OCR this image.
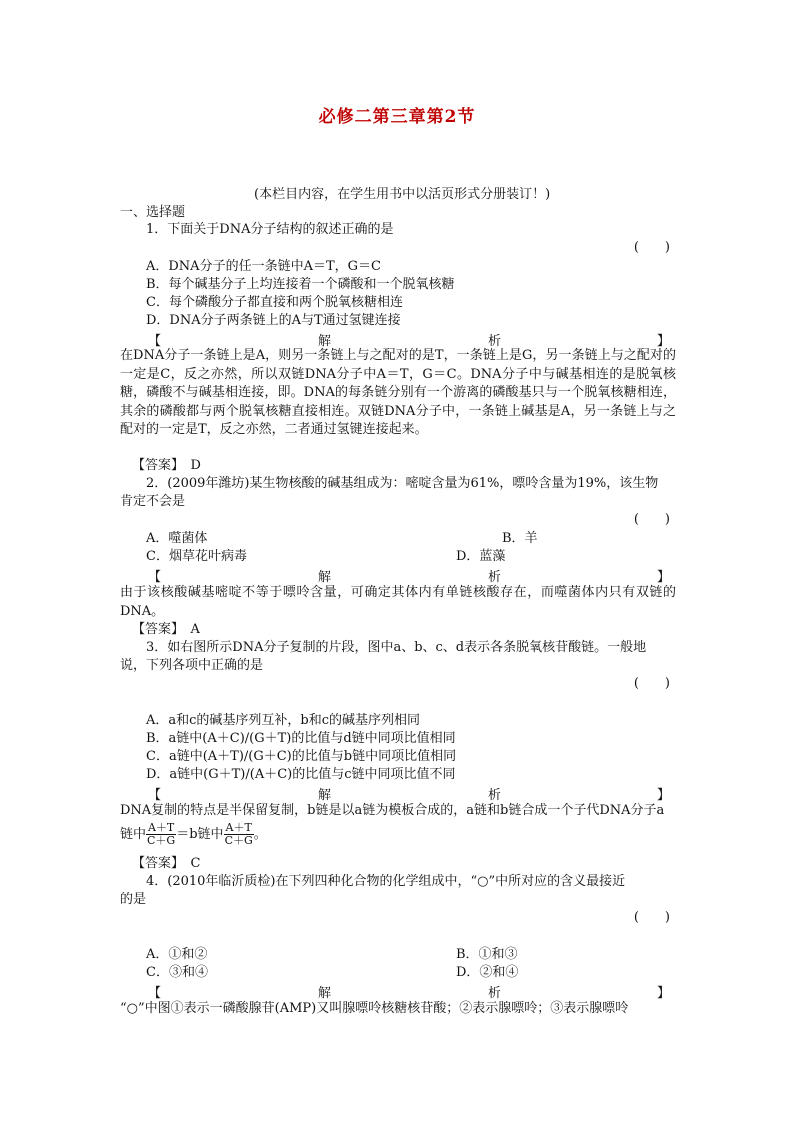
必修二第三章第2节
(本栏目内容，在学生用书中以活页形式分册装订！)
一、选择题
1．下面关于DNA分子结构的叙述正确的是
(　　)
A．DNA分子的任一条链中A＝T，G＝C
B．每个碱基分子上均连接着一个磷酸和一个脱氧核糖
C．每个磷酸分子都直接和两个脱氧核糖相连
D．DNA分子两条链上的A与T通过氢键连接
【	解	析	】
在DNA分子一条链上是A，则另一条链上与之配对的是T，一条链上是G，另一条链上与之配对的一定是C，反之亦然，所以双链DNA分子中A＝T，G＝C。DNA分子中与碱基相连的是脱氧核糖，磷酸不与碱基相连接，即。DNA的每条链分别有一个游离的磷酸基只与一个脱氧核糖相连，其余的磷酸都与两个脱氧核糖直接相连。双链DNA分子中，一条链上碱基是A，另一条链上与之配对的一定是T，反之亦然，二者通过氢键连接起来。
【答案】　 D
2．(2009年潍坊)某生物核酸的碱基组成为：嘧啶含量为61%，嘌呤含量为19%，该生物
肯定不会是
(　　)
A．噬菌体	B．羊
C．烟草花叶病毒	D．蓝藻
【	解	析	】
由于该核酸碱基嘧啶不等于嘌呤含量，可确定其体内有单链核酸存在，而噬菌体内只有双链的DNA。
【答案】　 A
3．如右图所示DNA分子复制的片段，图中a、b、c、d表示各条脱氧核苷酸链。一般地
说，下列各项中正确的是
(　　)
A．a和c的碱基序列互补，b和c的碱基序列相同
B．a链中(A＋C)/(G＋T)的比值与d链中同项比值相同
C．a链中(A＋T)/(G＋C)的比值与b链中同项比值相同
D．a链中(G＋T)/(A＋C)的比值与c链中同项比值不同
【	解	析	】
DNA复制的特点是半保留复制，b链是以a链为模板合成的，a链和b链合成一个子代DNA分子a
链中 $\frac{A+T}{C+G} =b$链中 $\frac{A+T}{C+G}$ 。
【答案】　 C
4．(2010年临沂质检)在下列四种化合物的化学组成中，“○”中所对应的含义最接近
的是
(　　)
A．①和②	B．①和③
C．③和④	D．②和④
【	解	析	】
“○”中图①表示一磷酸腺苷(AMP)又叫腺嘌呤核糖核苷酸；②表示腺嘌呤；③表示腺嘌呤
